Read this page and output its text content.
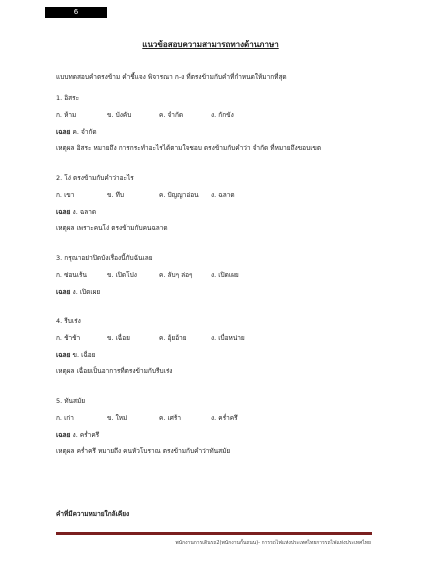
6
แนวข้อสอบความสามารถทางด้านภาษา
แบบทดสอบคำตรงข้าม คำชี้แจง พิจารณา ก-ง ที่ตรงข้ามกับคำที่กำหนดให้มากที่สุด
1. อิสระ
ก. ห้าม	ข. บังคับ	ค. จำกัด	ง. กักขัง
เฉลย ค. จำกัด
เหตุผล อิสระ หมายถึง การกระทำอะไรได้ตามใจชอบ ตรงข้ามกับคำว่า จำกัด ที่หมายถึงขอบเขต
2. โง่ ตรงข้ามกับคำว่าอะไร
ก. เขา	ข. ทึบ	ค. ปัญญาอ่อน	ง. ฉลาด
เฉลย ง. ฉลาด
เหตุผล เพราะคนโง่ ตรงข้ามกับคนฉลาด
3. กรุณาอย่าปิดบังเรื่องนี้กับฉันเลย
ก. ซ่อนเร้น	ข. เปิดโปง	ค. ลับๆ ล่อๆ	ง. เปิดเผย
เฉลย ง. เปิดเผย
4. รีบเร่ง
ก. ช้าช้า	ข. เฉื่อย	ค. อุ้ยอ้าย	ง. เบื่อหน่าย
เฉลย ข. เฉื่อย
เหตุผล เฉื่อยเป็นอาการที่ตรงข้ามกับรีบเร่ง
5. ทันสมัย
ก. เก่า	ข. ใหม่	ค. เศร้า	ง. คร่ำครึ
เฉลย ง. คร่ำครึ
เหตุผล คร่ำครึ หมายถึง คนหัวโบราณ ตรงข้ามกับคำว่าทันสมัย
คำที่มีความหมายใกล้เคียง
พนักงานการเดินรถ2(พนักงานกั้นถนน)- การรถไฟแห่งประเทศไทยการรถไฟแห่งประเทศไทย
